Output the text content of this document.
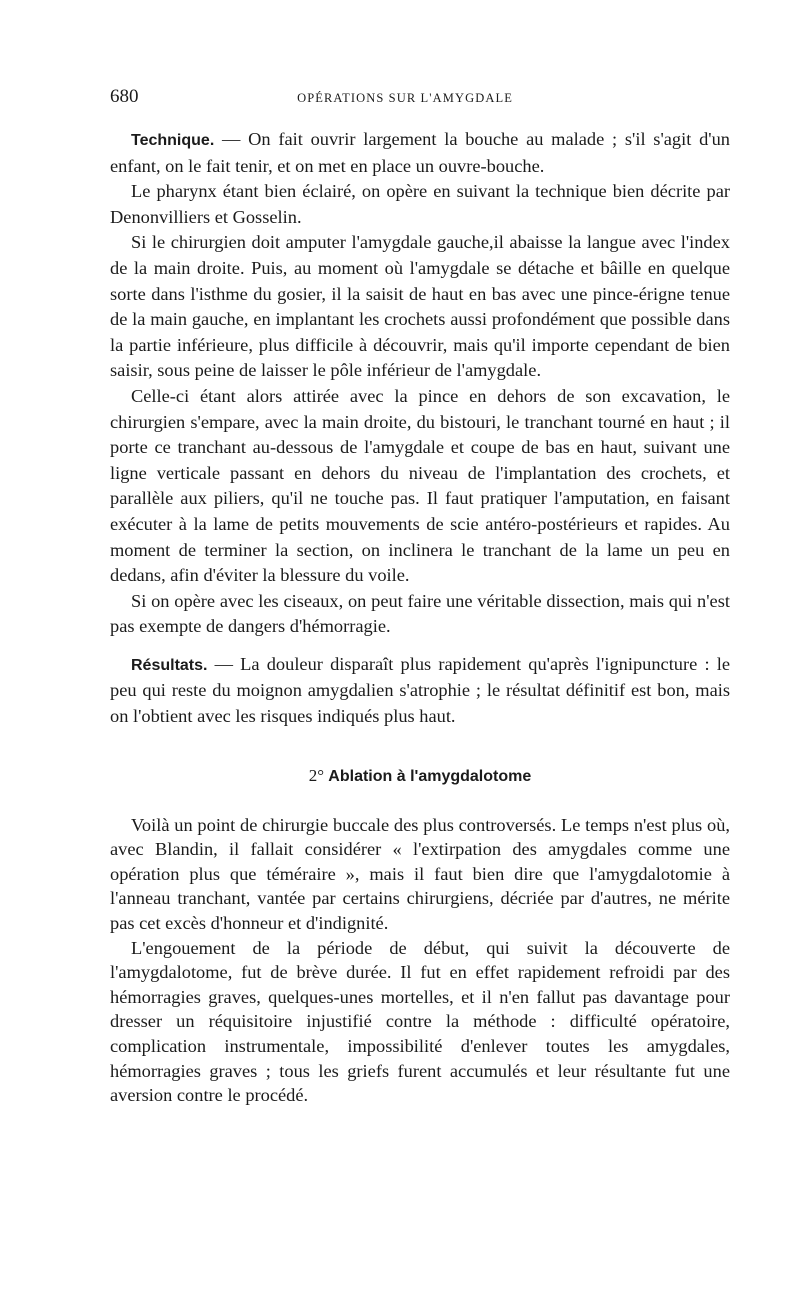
680	OPÉRATIONS SUR L'AMYGDALE

Technique. — On fait ouvrir largement la bouche au malade ; s'il s'agit d'un enfant, on le fait tenir, et on met en place un ouvre-bouche.

Le pharynx étant bien éclairé, on opère en suivant la technique bien décrite par Denonvilliers et Gosselin.

Si le chirurgien doit amputer l'amygdale gauche,il abaisse la langue avec l'index de la main droite. Puis, au moment où l'amygdale se détache et bâille en quelque sorte dans l'isthme du gosier, il la saisit de haut en bas avec une pince-érigne tenue de la main gauche, en implantant les crochets aussi profondément que possible dans la partie inférieure, plus difficile à découvrir, mais qu'il importe cependant de bien saisir, sous peine de laisser le pôle inférieur de l'amygdale.

Celle-ci étant alors attirée avec la pince en dehors de son excavation, le chirurgien s'empare, avec la main droite, du bistouri, le tranchant tourné en haut ; il porte ce tranchant au-dessous de l'amygdale et coupe de bas en haut, suivant une ligne verticale passant en dehors du niveau de l'implantation des crochets, et parallèle aux piliers, qu'il ne touche pas. Il faut pratiquer l'amputation, en faisant exécuter à la lame de petits mouvements de scie antéro-postérieurs et rapides. Au moment de terminer la section, on inclinera le tranchant de la lame un peu en dedans, afin d'éviter la blessure du voile.

Si on opère avec les ciseaux, on peut faire une véritable dissection, mais qui n'est pas exempte de dangers d'hémorragie.

Résultats. — La douleur disparaît plus rapidement qu'après l'ignipuncture : le peu qui reste du moignon amygdalien s'atrophie ; le résultat définitif est bon, mais on l'obtient avec les risques indiqués plus haut.

2° Ablation à l'amygdalotome

Voilà un point de chirurgie buccale des plus controversés. Le temps n'est plus où, avec Blandin, il fallait considérer « l'extirpation des amygdales comme une opération plus que téméraire », mais il faut bien dire que l'amygdalotomie à l'anneau tranchant, vantée par certains chirurgiens, décriée par d'autres, ne mérite pas cet excès d'honneur et d'indignité.

L'engouement de la période de début, qui suivit la découverte de l'amygdalotome, fut de brève durée. Il fut en effet rapidement refroidi par des hémorragies graves, quelques-unes mortelles, et il n'en fallut pas davantage pour dresser un réquisitoire injustifié contre la méthode : difficulté opératoire, complication instrumentale, impossibilité d'enlever toutes les amygdales, hémorragies graves ; tous les griefs furent accumulés et leur résultante fut une aversion contre le procédé.
